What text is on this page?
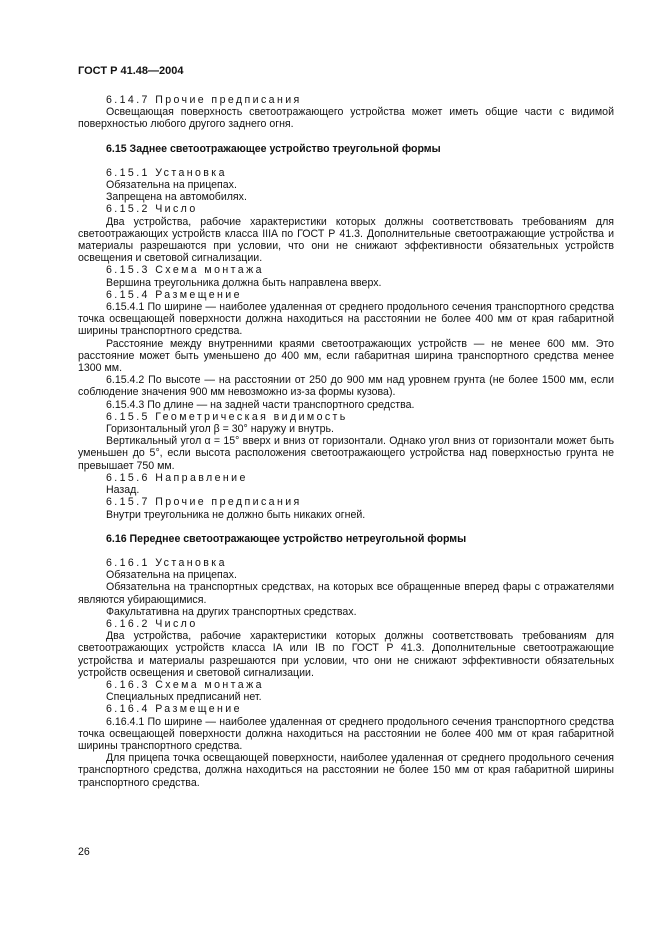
ГОСТ Р 41.48—2004

6.14.7 Прочие предписания

Освещающая поверхность светоотражающего устройства может иметь общие части с видимой поверхностью любого другого заднего огня.

6.15 Заднее светоотражающее устройство треугольной формы

6.15.1 Установка

Обязательна на прицепах.

Запрещена на автомобилях.

6.15.2 Число

Два устройства, рабочие характеристики которых должны соответствовать требованиям для светоотражающих устройств класса IIIA по ГОСТ Р 41.3. Дополнительные светоотражающие устройства и материалы разрешаются при условии, что они не снижают эффективности обязательных устройств освещения и световой сигнализации.

6.15.3 Схема монтажа

Вершина треугольника должна быть направлена вверх.

6.15.4 Размещение

6.15.4.1 По ширине — наиболее удаленная от среднего продольного сечения транспортного средства точка освещающей поверхности должна находиться на расстоянии не более 400 мм от края габаритной ширины транспортного средства.

Расстояние между внутренними краями светоотражающих устройств — не менее 600 мм. Это расстояние может быть уменьшено до 400 мм, если габаритная ширина транспортного средства менее 1300 мм.

6.15.4.2 По высоте — на расстоянии от 250 до 900 мм над уровнем грунта (не более 1500 мм, если соблюдение значения 900 мм невозможно из-за формы кузова).

6.15.4.3 По длине — на задней части транспортного средства.

6.15.5 Геометрическая видимость

Горизонтальный угол β = 30° наружу и внутрь.

Вертикальный угол α = 15° вверх и вниз от горизонтали. Однако угол вниз от горизонтали может быть уменьшен до 5°, если высота расположения светоотражающего устройства над поверхностью грунта не превышает 750 мм.

6.15.6 Направление

Назад.

6.15.7 Прочие предписания

Внутри треугольника не должно быть никаких огней.

6.16 Переднее светоотражающее устройство нетреугольной формы

6.16.1 Установка

Обязательна на прицепах.

Обязательна на транспортных средствах, на которых все обращенные вперед фары с отражателями являются убирающимися.

Факультативна на других транспортных средствах.

6.16.2 Число

Два устройства, рабочие характеристики которых должны соответствовать требованиям для светоотражающих устройств класса IA или IB по ГОСТ Р 41.3. Дополнительные светоотражающие устройства и материалы разрешаются при условии, что они не снижают эффективности обязательных устройств освещения и световой сигнализации.

6.16.3 Схема монтажа

Специальных предписаний нет.

6.16.4 Размещение

6.16.4.1 По ширине — наиболее удаленная от среднего продольного сечения транспортного средства точка освещающей поверхности должна находиться на расстоянии не более 400 мм от края габаритной ширины транспортного средства.

Для прицепа точка освещающей поверхности, наиболее удаленная от среднего продольного сечения транспортного средства, должна находиться на расстоянии не более 150 мм от края габаритной ширины транспортного средства.

26
